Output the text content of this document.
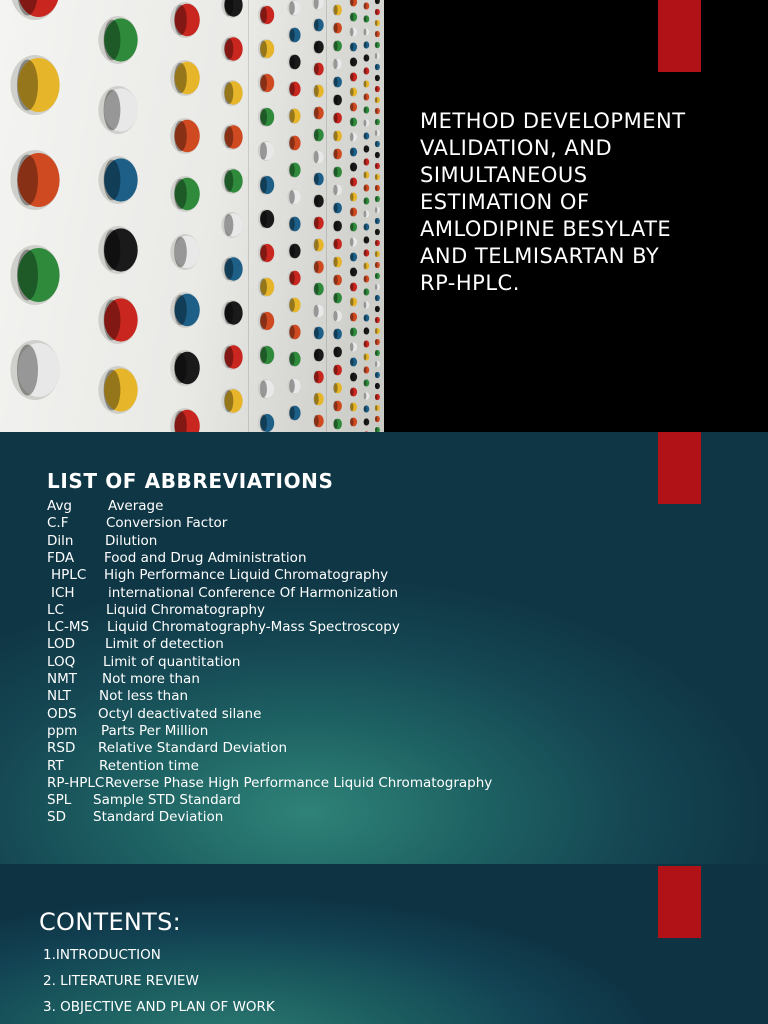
METHOD DEVELOPMENT
VALIDATION, AND
SIMULTANEOUS
ESTIMATION OF
AMLODIPINE BESYLATE
AND TELMISARTAN BY
RP-HPLC.
LIST OF ABBREVIATIONS
Avg	Average
C.F	Conversion Factor
Diln Dilution
FDA Food and Drug Administration
HPLC High Performance Liquid Chromatography
ICH international Conference Of Harmonization
LC	Liquid Chromatography
LC-MS Liquid Chromatography-Mass Spectroscopy
LOD Limit of detection
LOQ Limit of quantitation
NMT Not more than
NLT Not less than
ODS Octyl deactivated silane
ppm Parts Per Million
RSD Relative Standard Deviation
RT	Retention time
RP-HPLC Reverse Phase High Performance Liquid Chromatography
SPL Sample STD Standard
SD Standard Deviation
CONTENTS:
1.INTRODUCTION
2. LITERATURE REVIEW
3. OBJECTIVE AND PLAN OF WORK
